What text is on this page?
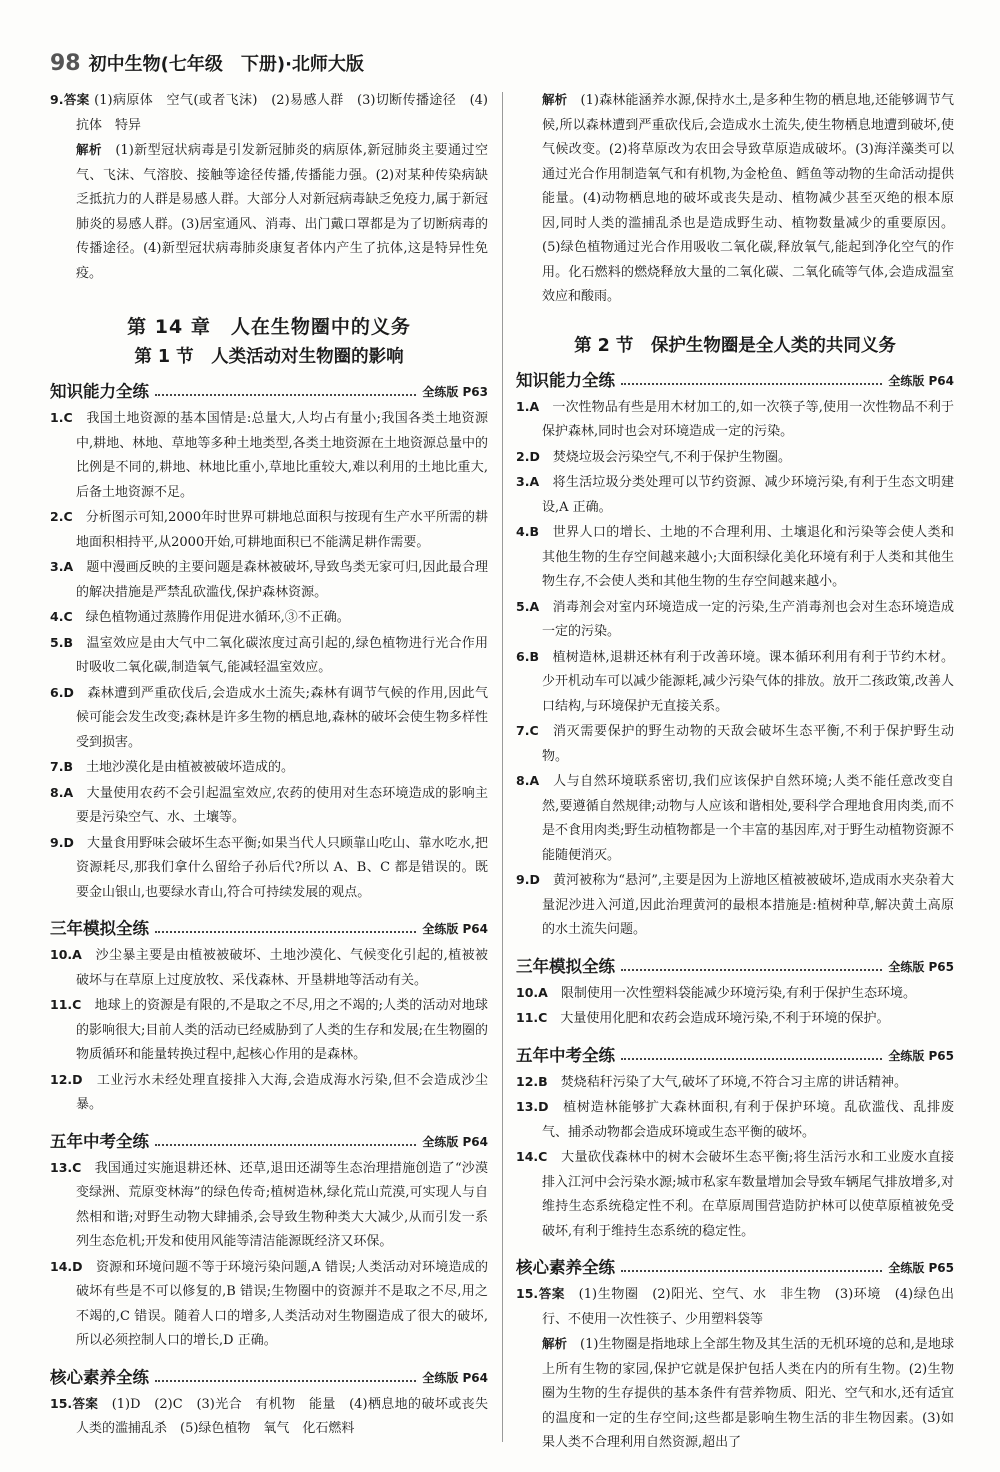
98 初中生物(七年级　下册)·北师大版

9.答案 (1)病原体　空气(或者飞沫)　(2)易感人群　(3)切断传播途径　(4)抗体　特异

解析　 (1)新型冠状病毒是引发新冠肺炎的病原体,新冠肺炎主要通过空气、飞沫、气溶胶、接触等途径传播,传播能力强。(2)对某种传染病缺乏抵抗力的人群是易感人群。大部分人对新冠病毒缺乏免疫力,属于新冠肺炎的易感人群。(3)居室通风、消毒、出门戴口罩都是为了切断病毒的传播途径。(4)新型冠状病毒肺炎康复者体内产生了抗体,这是特异性免疫。

第 14 章　人在生物圈中的义务
第 1 节　人类活动对生物圈的影响
知识能力全练	全练版 P63

1.C　 我国土地资源的基本国情是:总量大,人均占有量小;我国各类土地资源中,耕地、林地、草地等多种土地类型,各类土地资源在土地资源总量中的比例是不同的,耕地、林地比重小,草地比重较大,难以利用的土地比重大,后备土地资源不足。

2.C　 分析图示可知,2000年时世界可耕地总面积与按现有生产水平所需的耕地面积相持平,从2000开始,可耕地面积已不能满足耕作需要。

3.A　 题中漫画反映的主要问题是森林被破坏,导致鸟类无家可归,因此最合理的解决措施是严禁乱砍滥伐,保护森林资源。

4.C　 绿色植物通过蒸腾作用促进水循环,③不正确。

5.B　 温室效应是由大气中二氧化碳浓度过高引起的,绿色植物进行光合作用时吸收二氧化碳,制造氧气,能减轻温室效应。

6.D　 森林遭到严重砍伐后,会造成水土流失;森林有调节气候的作用,因此气候可能会发生改变;森林是许多生物的栖息地,森林的破坏会使生物多样性受到损害。

7.B　 土地沙漠化是由植被被破坏造成的。

8.A　 大量使用农药不会引起温室效应,农药的使用对生态环境造成的影响主要是污染空气、水、土壤等。

9.D　 大量食用野味会破坏生态平衡;如果当代人只顾靠山吃山、靠水吃水,把资源耗尽,那我们拿什么留给子孙后代?所以 A、B、C 都是错误的。既要金山银山,也要绿水青山,符合可持续发展的观点。

三年模拟全练	全练版 P64

10.A　 沙尘暴主要是由植被被破坏、土地沙漠化、气候变化引起的,植被被破坏与在草原上过度放牧、采伐森林、开垦耕地等活动有关。

11.C　 地球上的资源是有限的,不是取之不尽,用之不竭的;人类的活动对地球的影响很大;目前人类的活动已经威胁到了人类的生存和发展;在生物圈的物质循环和能量转换过程中,起核心作用的是森林。

12.D　 工业污水未经处理直接排入大海,会造成海水污染,但不会造成沙尘暴。

五年中考全练	全练版 P64

13.C　 我国通过实施退耕还林、还草,退田还湖等生态治理措施创造了“沙漠变绿洲、荒原变林海”的绿色传奇;植树造林,绿化荒山荒漠,可实现人与自然相和谐;对野生动物大肆捕杀,会导致生物种类大大减少,从而引发一系列生态危机;开发和使用风能等清洁能源既经济又环保。

14.D　 资源和环境问题不等于环境污染问题,A 错误;人类活动对环境造成的破坏有些是不可以修复的,B 错误;生物圈中的资源并不是取之不尽,用之不竭的,C 错误。随着人口的增多,人类活动对生物圈造成了很大的破坏,所以必须控制人口的增长,D 正确。

核心素养全练	全练版 P64

15.答案　 (1)D　(2)C　(3)光合　有机物　能量　(4)栖息地的破坏或丧失　人类的滥捕乱杀　(5)绿色植物　氧气　化石燃料

解析　 (1)森林能涵养水源,保持水土,是多种生物的栖息地,还能够调节气候,所以森林遭到严重砍伐后,会造成水土流失,使生物栖息地遭到破坏,使气候改变。(2)将草原改为农田会导致草原造成破坏。(3)海洋藻类可以通过光合作用制造氧气和有机物,为金枪鱼、鳕鱼等动物的生命活动提供能量。(4)动物栖息地的破坏或丧失是动、植物减少甚至灭绝的根本原因,同时人类的滥捕乱杀也是造成野生动、植物数量减少的重要原因。(5)绿色植物通过光合作用吸收二氧化碳,释放氧气,能起到净化空气的作用。化石燃料的燃烧释放大量的二氧化碳、二氧化硫等气体,会造成温室效应和酸雨。

第 2 节　保护生物圈是全人类的共同义务
知识能力全练	全练版 P64

1.A　 一次性物品有些是用木材加工的,如一次筷子等,使用一次性物品不利于保护森林,同时也会对环境造成一定的污染。

2.D　 焚烧垃圾会污染空气,不利于保护生物圈。

3.A　 将生活垃圾分类处理可以节约资源、减少环境污染,有利于生态文明建设,A 正确。

4.B　 世界人口的增长、土地的不合理利用、土壤退化和污染等会使人类和其他生物的生存空间越来越小;大面积绿化美化环境有利于人类和其他生物生存,不会使人类和其他生物的生存空间越来越小。

5.A　 消毒剂会对室内环境造成一定的污染,生产消毒剂也会对生态环境造成一定的污染。

6.B　 植树造林,退耕还林有利于改善环境。课本循环利用有利于节约木材。少开机动车可以减少能源耗,减少污染气体的排放。放开二孩政策,改善人口结构,与环境保护无直接关系。

7.C　 消灭需要保护的野生动物的天敌会破坏生态平衡,不利于保护野生动物。

8.A　 人与自然环境联系密切,我们应该保护自然环境;人类不能任意改变自然,要遵循自然规律;动物与人应该和谐相处,要科学合理地食用肉类,而不是不食用肉类;野生动植物都是一个丰富的基因库,对于野生动植物资源不能随便消灭。

9.D　 黄河被称为“悬河”,主要是因为上游地区植被被破坏,造成雨水夹杂着大量泥沙进入河道,因此治理黄河的最根本措施是:植树种草,解决黄土高原的水土流失问题。

三年模拟全练	全练版 P65

10.A　 限制使用一次性塑料袋能减少环境污染,有利于保护生态环境。

11.C　 大量使用化肥和农药会造成环境污染,不利于环境的保护。

五年中考全练	全练版 P65

12.B　 焚烧秸秆污染了大气,破坏了环境,不符合习主席的讲话精神。

13.D　 植树造林能够扩大森林面积,有利于保护环境。乱砍滥伐、乱排废气、捕杀动物都会造成环境或生态平衡的破坏。

14.C　 大量砍伐森林中的树木会破坏生态平衡;将生活污水和工业废水直接排入江河中会污染水源;城市私家车数量增加会导致车辆尾气排放增多,对维持生态系统稳定性不利。在草原周围营造防护林可以使草原植被免受破坏,有利于维持生态系统的稳定性。

核心素养全练	全练版 P65

15.答案　 (1)生物圈　(2)阳光、空气、水　非生物　(3)环境　(4)绿色出行、不使用一次性筷子、少用塑料袋等

解析　 (1)生物圈是指地球上全部生物及其生活的无机环境的总和,是地球上所有生物的家园,保护它就是保护包括人类在内的所有生物。(2)生物圈为生物的生存提供的基本条件有营养物质、阳光、空气和水,还有适宜的温度和一定的生存空间;这些都是影响生物生活的非生物因素。(3)如果人类不合理利用自然资源,超出了
